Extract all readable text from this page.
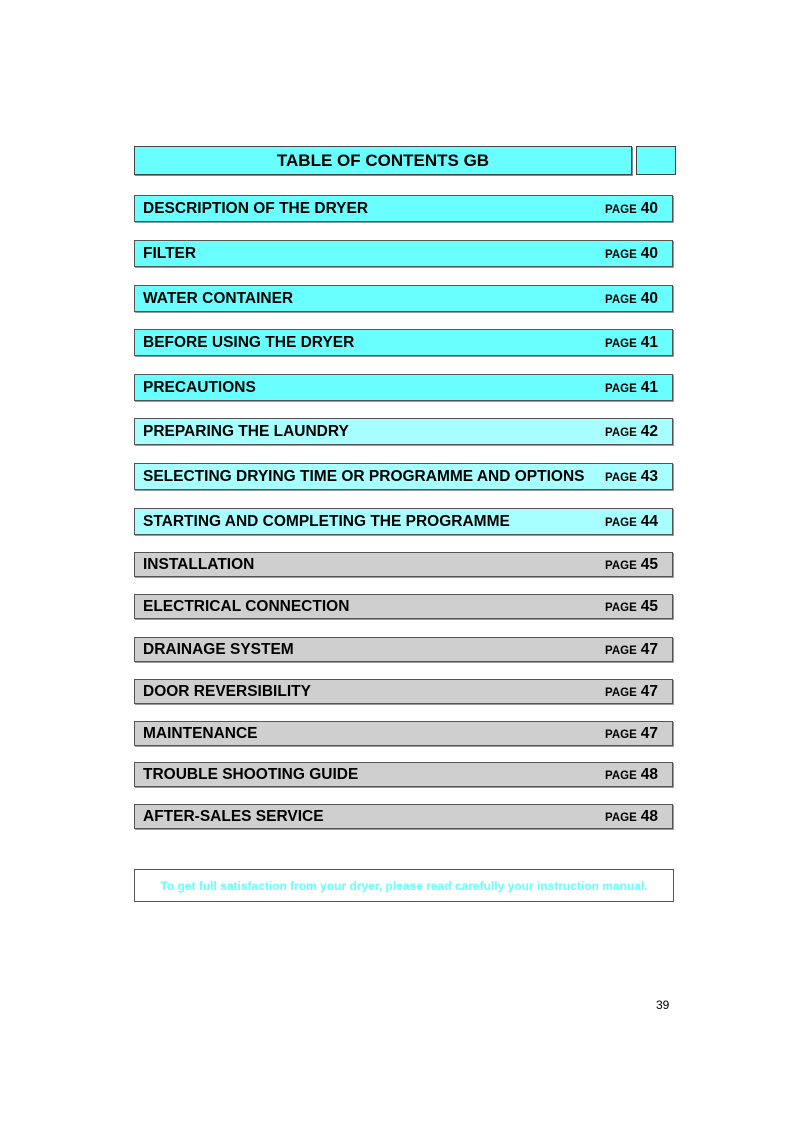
TABLE OF CONTENTS GB
DESCRIPTION OF THE DRYER	PAGE 40
FILTER	PAGE 40
WATER CONTAINER	PAGE 40
BEFORE USING THE DRYER	PAGE 41
PRECAUTIONS	PAGE 41
PREPARING THE LAUNDRY	PAGE 42
SELECTING DRYING TIME OR PROGRAMME AND OPTIONS PAGE 43
STARTING AND COMPLETING THE PROGRAMME	PAGE 44
INSTALLATION	PAGE 45
ELECTRICAL CONNECTION	PAGE 45
DRAINAGE SYSTEM	PAGE 47
DOOR REVERSIBILITY	PAGE 47
MAINTENANCE	PAGE 47
TROUBLE SHOOTING GUIDE	PAGE 48
AFTER-SALES SERVICE	PAGE 48
To get full satisfaction from your dryer, please read carefully your instruction manual.
39
